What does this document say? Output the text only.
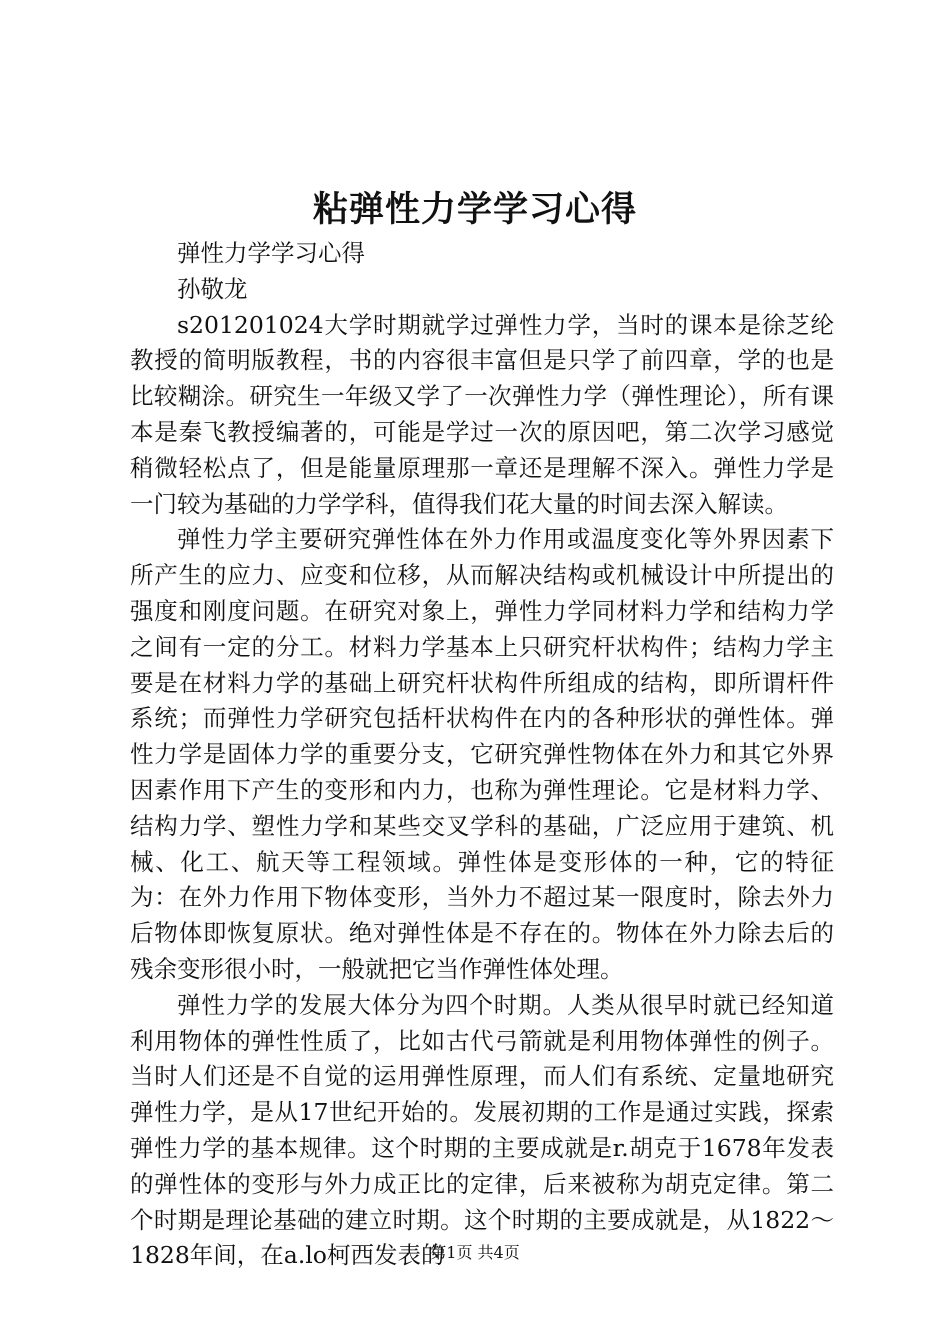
粘弹性力学学习心得

弹性力学学习心得

孙敬龙

s201201024大学时期就学过弹性力学，当时的课本是徐芝纶教授的简明版教程，书的内容很丰富但是只学了前四章，学的也是比较糊涂。研究生一年级又学了一次弹性力学（弹性理论），所有课本是秦飞教授编著的，可能是学过一次的原因吧，第二次学习感觉稍微轻松点了，但是能量原理那一章还是理解不深入。弹性力学是一门较为基础的力学学科，值得我们花大量的时间去深入解读。

弹性力学主要研究弹性体在外力作用或温度变化等外界因素下所产生的应力、应变和位移，从而解决结构或机械设计中所提出的强度和刚度问题。在研究对象上，弹性力学同材料力学和结构力学之间有一定的分工。材料力学基本上只研究杆状构件；结构力学主要是在材料力学的基础上研究杆状构件所组成的结构，即所谓杆件系统；而弹性力学研究包括杆状构件在内的各种形状的弹性体。弹性力学是固体力学的重要分支，它研究弹性物体在外力和其它外界因素作用下产生的变形和内力，也称为弹性理论。它是材料力学、结构力学、塑性力学和某些交叉学科的基础，广泛应用于建筑、机械、化工、航天等工程领域。弹性体是变形体的一种，它的特征为：在外力作用下物体变形，当外力不超过某一限度时，除去外力后物体即恢复原状。绝对弹性体是不存在的。物体在外力除去后的残余变形很小时，一般就把它当作弹性体处理。

弹性力学的发展大体分为四个时期。人类从很早时就已经知道利用物体的弹性性质了，比如古代弓箭就是利用物体弹性的例子。当时人们还是不自觉的运用弹性原理，而人们有系统、定量地研究弹性力学，是从17世纪开始的。发展初期的工作是通过实践，探索弹性力学的基本规律。这个时期的主要成就是r.胡克于1678年发表的弹性体的变形与外力成正比的定律，后来被称为胡克定律。第二个时期是理论基础的建立时期。这个时期的主要成就是，从1822～1828年间，在a.lo柯西发表的

第1页 共4页
